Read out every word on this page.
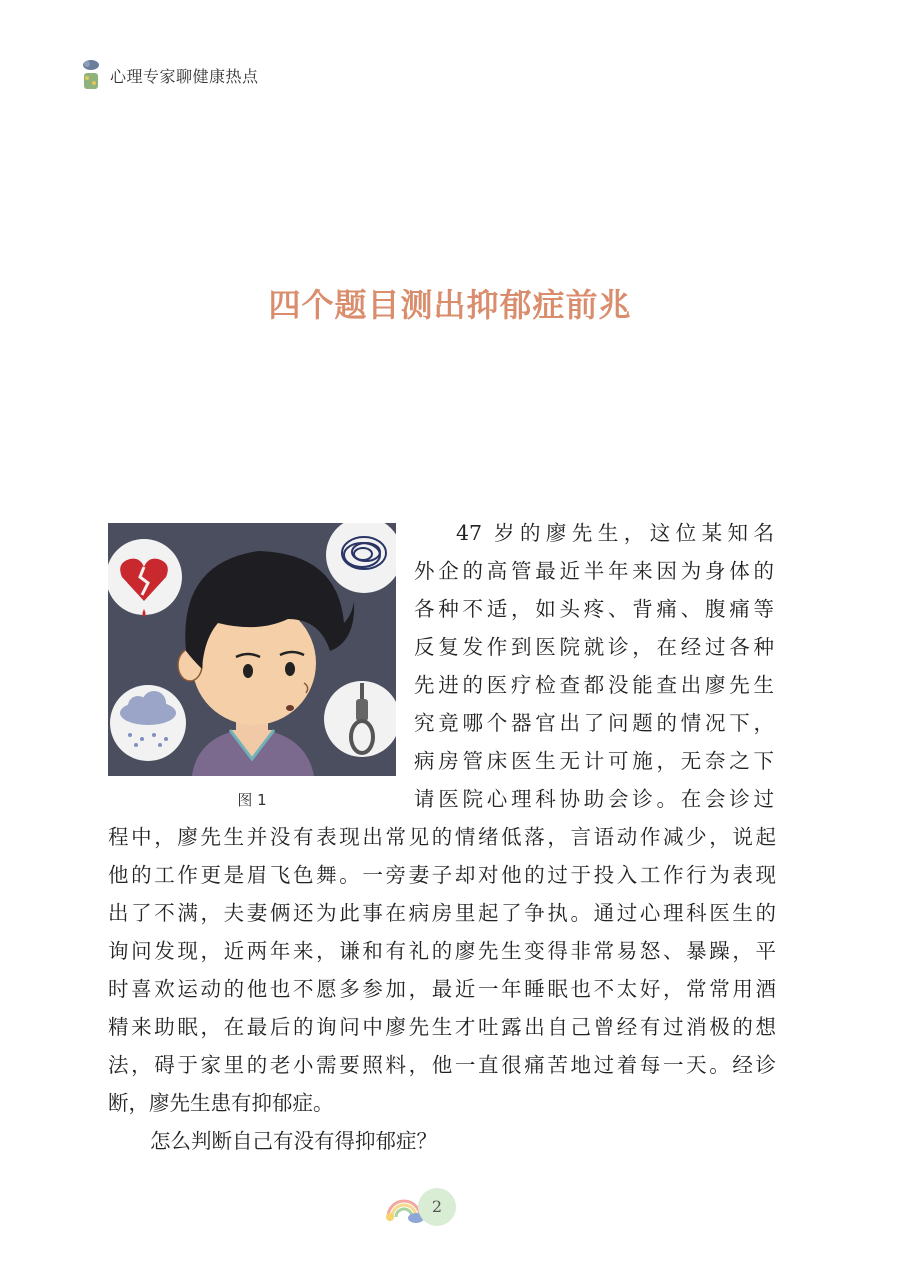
心理专家聊健康热点
四个题目测出抑郁症前兆
图 1
47 岁的廖先生，这位某知名
外企的高管最近半年来因为身体的
各种不适，如头疼、背痛、腹痛等
反复发作到医院就诊，在经过各种
先进的医疗检查都没能查出廖先生
究竟哪个器官出了问题的情况下，
病房管床医生无计可施，无奈之下
请医院心理科协助会诊。在会诊过
程中，廖先生并没有表现出常见的情绪低落，言语动作减少，说起
他的工作更是眉飞色舞。一旁妻子却对他的过于投入工作行为表现
出了不满，夫妻俩还为此事在病房里起了争执。通过心理科医生的
询问发现，近两年来，谦和有礼的廖先生变得非常易怒、暴躁，平
时喜欢运动的他也不愿多参加，最近一年睡眠也不太好，常常用酒
精来助眠，在最后的询问中廖先生才吐露出自己曾经有过消极的想
法，碍于家里的老小需要照料，他一直很痛苦地过着每一天。经诊
断，廖先生患有抑郁症。
怎么判断自己有没有得抑郁症？
2
